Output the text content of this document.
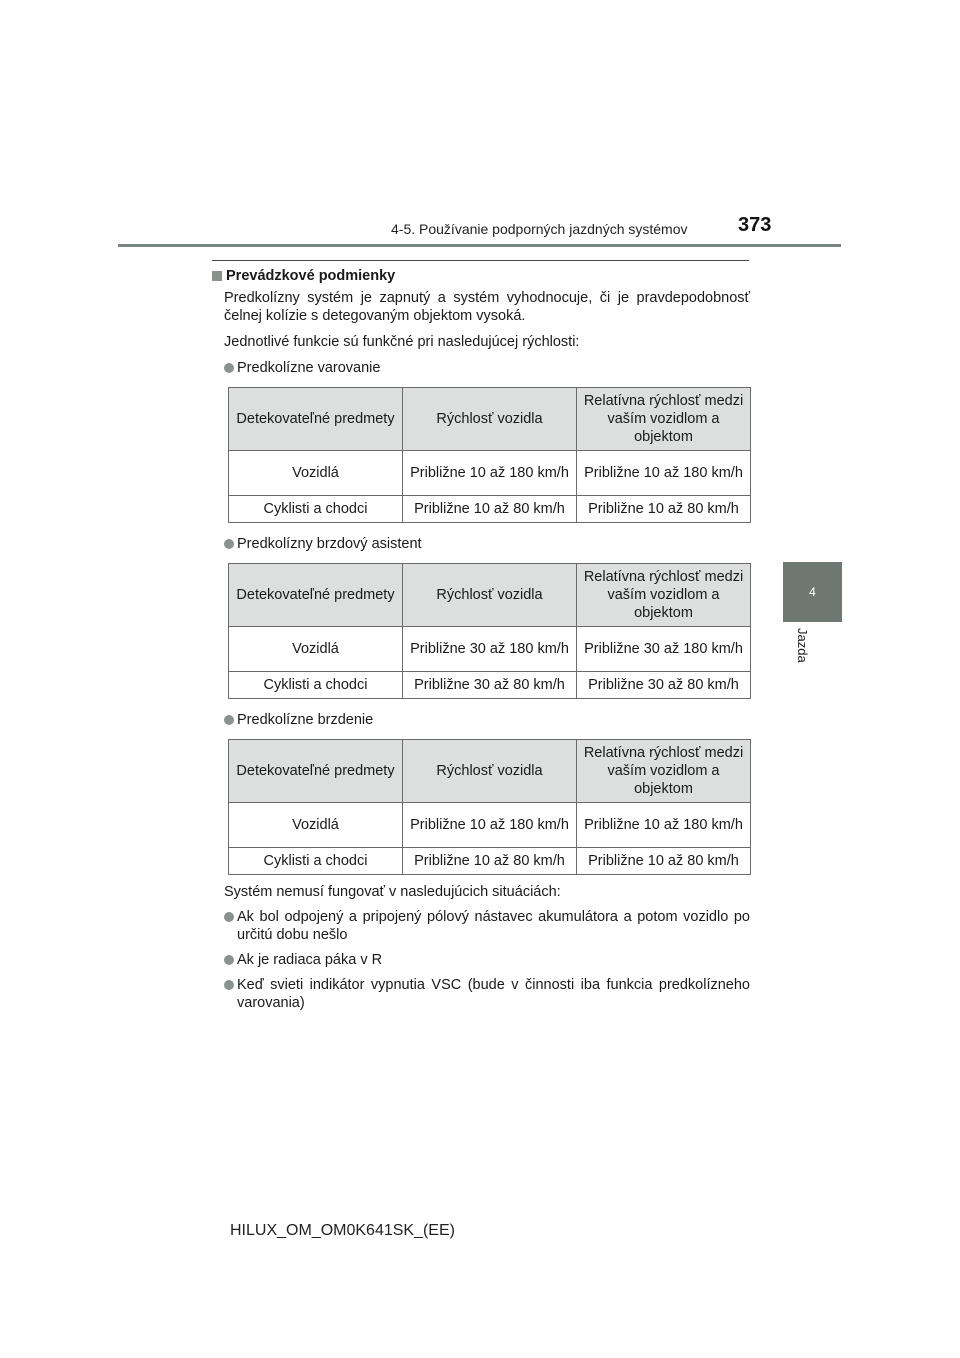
4-5. Používanie podporných jazdných systémov	373
4
Jazda
Prevádzkové podmienky
Predkolízny systém je zapnutý a systém vyhodnocuje, či je pravdepodobnosť čelnej kolízie s detegovaným objektom vysoká.
Jednotlivé funkcie sú funkčné pri nasledujúcej rýchlosti:
Predkolízne varovanie
Detekovateľné predmety	Rýchlosť vozidla	Relatívna rýchlosť medzi vaším vozidlom a objektom
Vozidlá	Približne 10 až 180 km/h	Približne 10 až 180 km/h
Cyklisti a chodci	Približne 10 až 80 km/h	Približne 10 až 80 km/h
Predkolízny brzdový asistent
Detekovateľné predmety	Rýchlosť vozidla	Relatívna rýchlosť medzi vaším vozidlom a objektom
Vozidlá	Približne 30 až 180 km/h	Približne 30 až 180 km/h
Cyklisti a chodci	Približne 30 až 80 km/h	Približne 30 až 80 km/h
Predkolízne brzdenie
Detekovateľné predmety	Rýchlosť vozidla	Relatívna rýchlosť medzi vaším vozidlom a objektom
Vozidlá	Približne 10 až 180 km/h	Približne 10 až 180 km/h
Cyklisti a chodci	Približne 10 až 80 km/h	Približne 10 až 80 km/h
Systém nemusí fungovať v nasledujúcich situáciách:
Ak bol odpojený a pripojený pólový nástavec akumulátora a potom vozidlo po určitú dobu nešlo
Ak je radiaca páka v R
Keď svieti indikátor vypnutia VSC (bude v činnosti iba funkcia predkolízneho varovania)
HILUX_OM_OM0K641SK_(EE)
